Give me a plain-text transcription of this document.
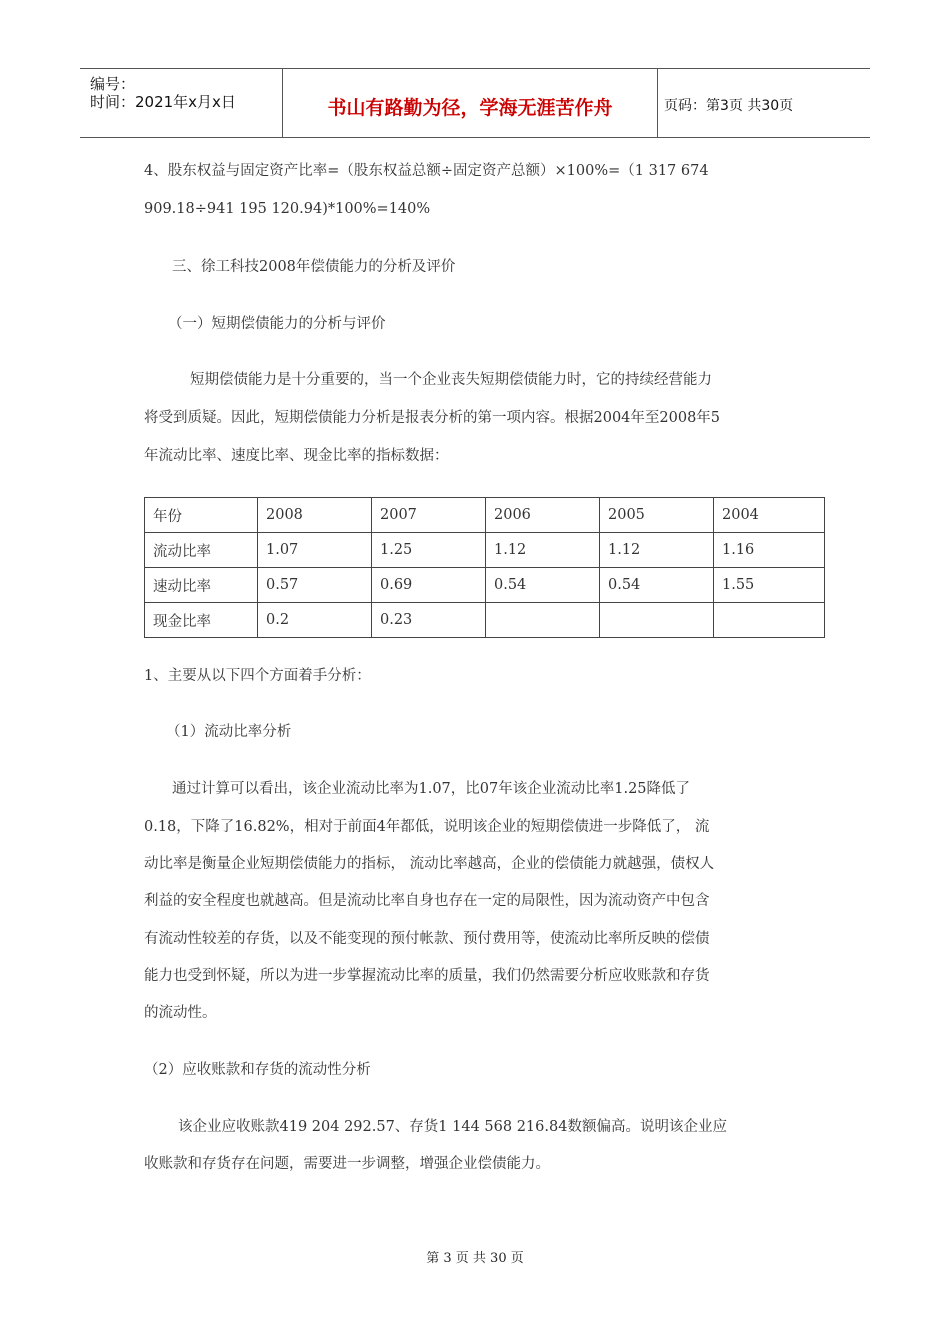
编号：
时间：2021年x月x日	书山有路勤为径，学海无涯苦作舟	页码：第3页 共30页
4、股东权益与固定资产比率=（股东权益总额÷固定资产总额）×100%=（1 317 674
909.18÷941 195 120.94)*100%=140%
三、徐工科技2008年偿债能力的分析及评价
（一）短期偿债能力的分析与评价
短期偿债能力是十分重要的，当一个企业丧失短期偿债能力时，它的持续经营能力
将受到质疑。因此，短期偿债能力分析是报表分析的第一项内容。根据2004年至2008年5
年流动比率、速度比率、现金比率的指标数据：
年份	2008	2007	2006	2005	2004
流动比率	1.07	1.25	1.12	1.12	1.16
速动比率	0.57	0.69	0.54	0.54	1.55
现金比率	0.2	0.23			
1、主要从以下四个方面着手分析：
（1）流动比率分析
通过计算可以看出，该企业流动比率为1.07，比07年该企业流动比率1.25降低了
0.18，下降了16.82%，相对于前面4年都低，说明该企业的短期偿债进一步降低了， 流
动比率是衡量企业短期偿债能力的指标， 流动比率越高，企业的偿债能力就越强，债权人
利益的安全程度也就越高。但是流动比率自身也存在一定的局限性，因为流动资产中包含
有流动性较差的存货，以及不能变现的预付帐款、预付费用等，使流动比率所反映的偿债
能力也受到怀疑，所以为进一步掌握流动比率的质量，我们仍然需要分析应收账款和存货
的流动性。
（2）应收账款和存货的流动性分析
该企业应收账款419 204 292.57、存货1 144 568 216.84数额偏高。说明该企业应
收账款和存货存在问题，需要进一步调整，增强企业偿债能力。
第 3 页 共 30 页
